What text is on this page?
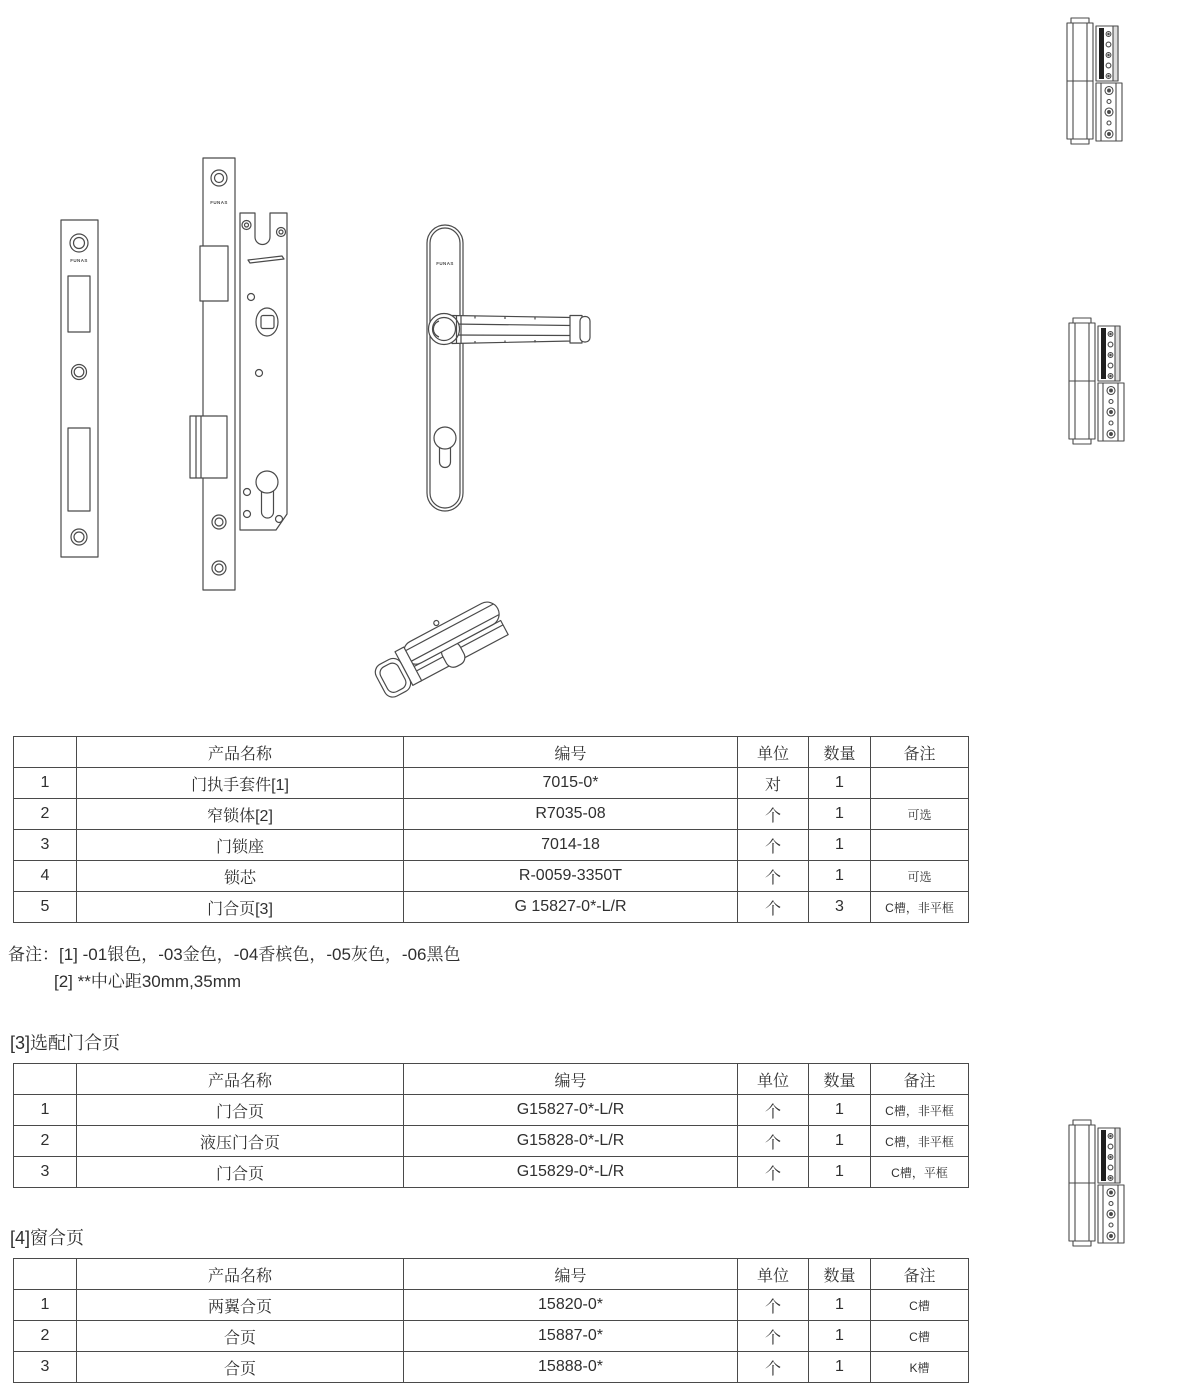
FUNAS
FUNAS
FUNAS
	产品名称	编号	单位	数量	备注
1	门执手套件[1]	7015-0*	对	1	
2	窄锁体[2]	R7035-08	个	1	可选
3	门锁座	7014-18	个	1	
4	锁芯	R-0059-3350T	个	1	可选
5	门合页[3]	G 15827-0*-L/R	个	3	C槽，非平框
备注：[1] -01银色，-03金色，-04香槟色，-05灰色，-06黑色
[2] **中心距30mm,35mm
[3]选配门合页
	产品名称	编号	单位	数量	备注
1	门合页	G15827-0*-L/R	个	1	C槽，非平框
2	液压门合页	G15828-0*-L/R	个	1	C槽，非平框
3	门合页	G15829-0*-L/R	个	1	C槽，平框
[4]窗合页
	产品名称	编号	单位	数量	备注
1	两翼合页	15820-0*	个	1	C槽
2	合页	15887-0*	个	1	C槽
3	合页	15888-0*	个	1	K槽
